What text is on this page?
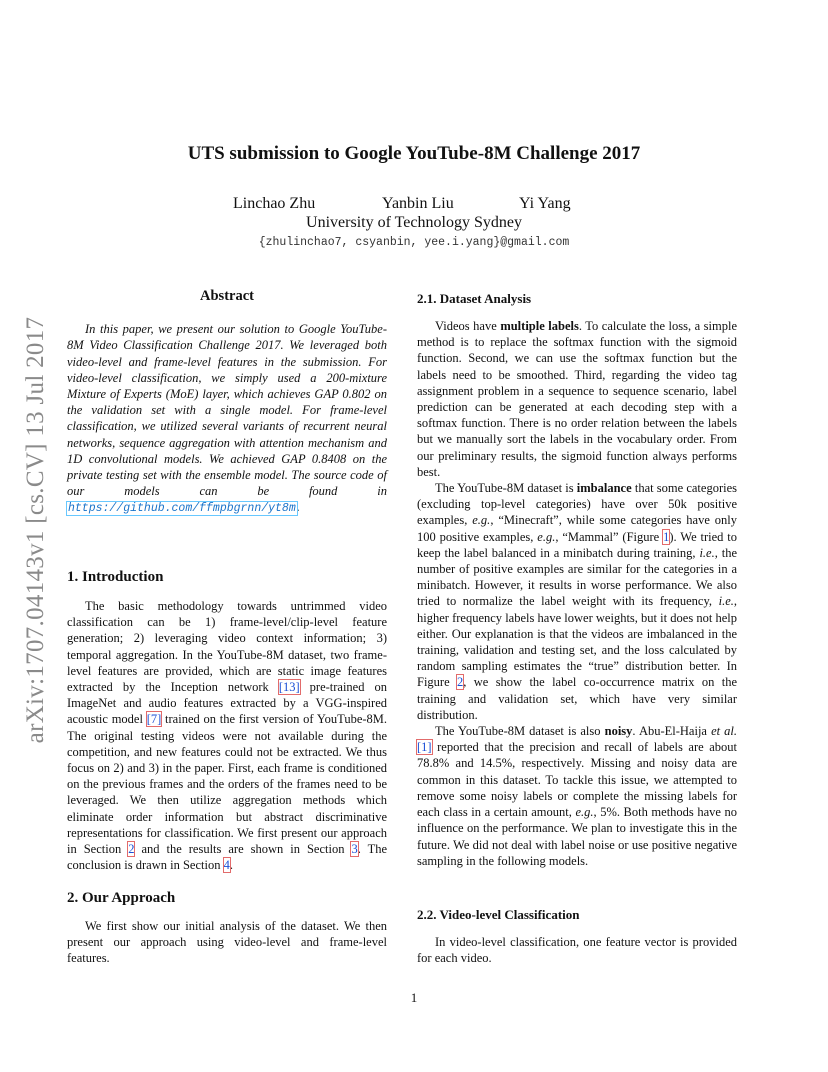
arXiv:1707.04143v1 [cs.CV] 13 Jul 2017
UTS submission to Google YouTube-8M Challenge 2017
Linchao Zhu	Yanbin Liu	Yi Yang
University of Technology Sydney
{zhulinchao7, csyanbin, yee.i.yang}@gmail.com
Abstract

In this paper, we present our solution to Google YouTube-8M Video Classification Challenge 2017. We leveraged both video-level and frame-level features in the submission. For video-level classification, we simply used a 200-mixture Mixture of Experts (MoE) layer, which achieves GAP 0.802 on the validation set with a single model. For frame-level classification, we utilized several variants of recurrent neural networks, sequence aggregation with attention mechanism and 1D convolutional models. We achieved GAP 0.8408 on the private testing set with the ensemble model. The source code of our models can be found in https://github.com/ffmpbgrnn/yt8m.

1. Introduction

The basic methodology towards untrimmed video classification can be 1) frame-level/clip-level feature generation; 2) leveraging video context information; 3) temporal aggregation. In the YouTube-8M dataset, two frame-level features are provided, which are static image features extracted by the Inception network [13] pre-trained on ImageNet and audio features extracted by a VGG-inspired acoustic model [7] trained on the first version of YouTube-8M. The original testing videos were not available during the competition, and new features could not be extracted. We thus focus on 2) and 3) in the paper. First, each frame is conditioned on the previous frames and the orders of the frames need to be leveraged. We then utilize aggregation methods which eliminate order information but abstract discriminative representations for classification. We first present our approach in Section 2 and the results are shown in Section 3. The conclusion is drawn in Section 4.

2. Our Approach

We first show our initial analysis of the dataset. We then present our approach using video-level and frame-level features.

2.1. Dataset Analysis

Videos have multiple labels. To calculate the loss, a simple method is to replace the softmax function with the sigmoid function. Second, we can use the softmax function but the labels need to be smoothed. Third, regarding the video tag assignment problem in a sequence to sequence scenario, label prediction can be generated at each decoding step with a softmax function. There is no order relation between the labels but we manually sort the labels in the vocabulary order. From our preliminary results, the sigmoid function always performs best.

The YouTube-8M dataset is imbalance that some categories (excluding top-level categories) have over 50k positive examples, e.g., “Minecraft”, while some categories have only 100 positive examples, e.g., “Mammal” (Figure 1). We tried to keep the label balanced in a minibatch during training, i.e., the number of positive examples are similar for the categories in a minibatch. However, it results in worse performance. We also tried to normalize the label weight with its frequency, i.e., higher frequency labels have lower weights, but it does not help either. Our explanation is that the videos are imbalanced in the training, validation and testing set, and the loss calculated by random sampling estimates the “true” distribution better. In Figure 2, we show the label co-occurrence matrix on the training and validation set, which have very similar distribution.

The YouTube-8M dataset is also noisy. Abu-El-Haija et al. [1] reported that the precision and recall of labels are about 78.8% and 14.5%, respectively. Missing and noisy data are common in this dataset. To tackle this issue, we attempted to remove some noisy labels or complete the missing labels for each class in a certain amount, e.g., 5%. Both methods have no influence on the performance. We plan to investigate this in the future. We did not deal with label noise or use positive negative sampling in the following models.

2.2. Video-level Classification

In video-level classification, one feature vector is provided for each video.

1
